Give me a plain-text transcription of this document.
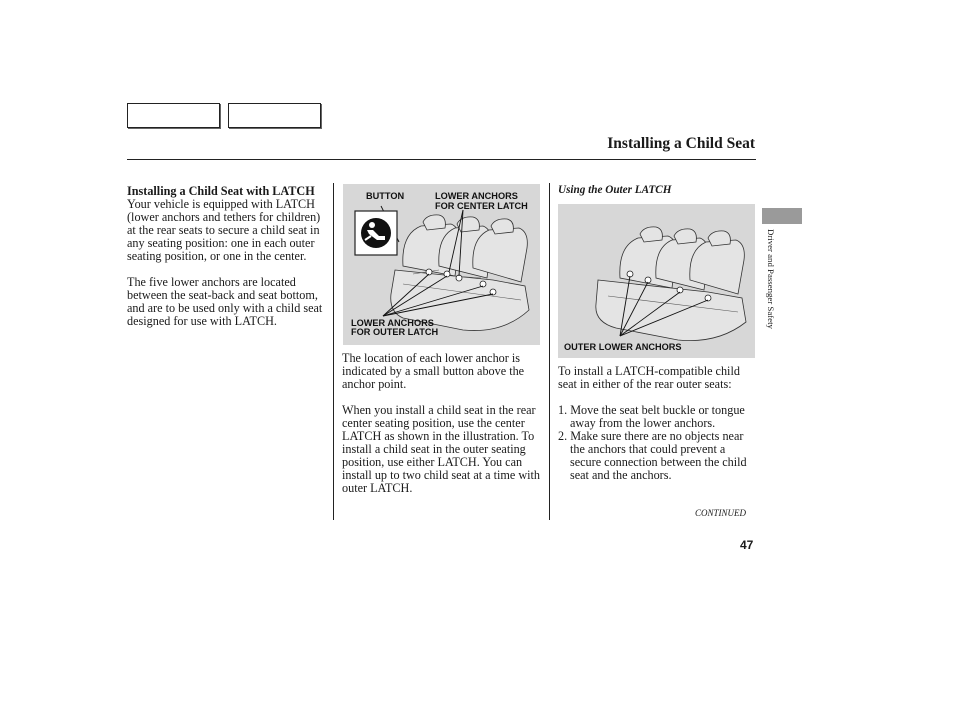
Installing a Child Seat
Installing a Child Seat with LATCH
Your vehicle is equipped with LATCH (lower anchors and tethers for children) at the rear seats to secure a child seat in any seating position: one in each outer seating position, or one in the center.
The five lower anchors are located between the seat-back and seat bottom, and are to be used only with a child seat designed for use with LATCH.
BUTTON	LOWER ANCHORS
FOR CENTER LATCH
LOWER ANCHORS
FOR OUTER LATCH
The location of each lower anchor is indicated by a small button above the anchor point.
When you install a child seat in the rear center seating position, use the center LATCH as shown in the illustration. To install a child seat in the outer seating position, use either LATCH. You can install up to two child seat at a time with outer LATCH.
Using the Outer LATCH
OUTER LOWER ANCHORS
To install a LATCH-compatible child seat in either of the rear outer seats:
1. Move the seat belt buckle or tongue away from the lower anchors.
2. Make sure there are no objects near the anchors that could prevent a secure connection between the child seat and the anchors.
CONTINUED
Driver and Passenger Safety
47
